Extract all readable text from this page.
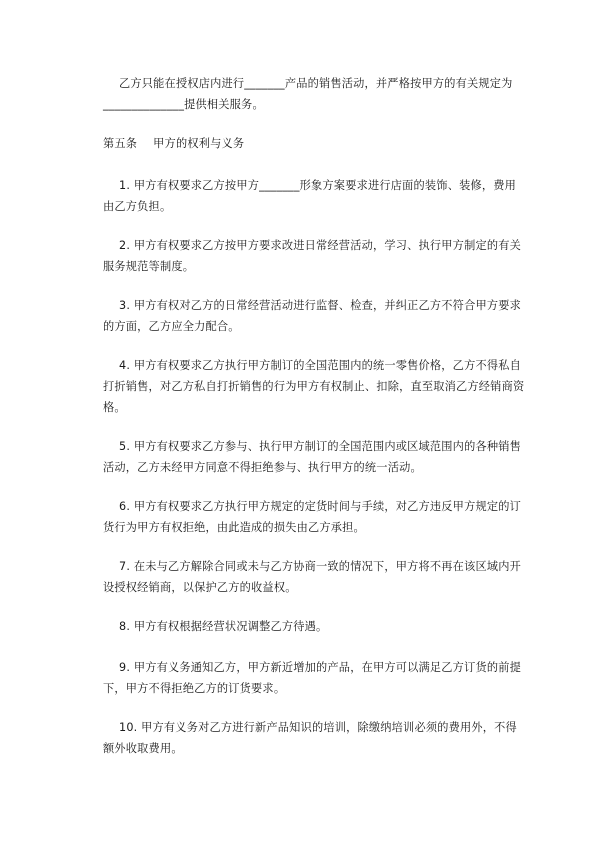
乙方只能在授权店内进行_______产品的销售活动，并严格按甲方的有关规定为
______________提供相关服务。
第五条 甲方的权利与义务
1. 甲方有权要求乙方按甲方_______形象方案要求进行店面的装饰、装修，费用
由乙方负担。
2. 甲方有权要求乙方按甲方要求改进日常经营活动，学习、执行甲方制定的有关
服务规范等制度。
3. 甲方有权对乙方的日常经营活动进行监督、检查，并纠正乙方不符合甲方要求
的方面，乙方应全力配合。
4. 甲方有权要求乙方执行甲方制订的全国范围内的统一零售价格，乙方不得私自
打折销售，对乙方私自打折销售的行为甲方有权制止、扣除，直至取消乙方经销商资
格。
5. 甲方有权要求乙方参与、执行甲方制订的全国范围内或区域范围内的各种销售
活动，乙方未经甲方同意不得拒绝参与、执行甲方的统一活动。
6. 甲方有权要求乙方执行甲方规定的定货时间与手续，对乙方违反甲方规定的订
货行为甲方有权拒绝，由此造成的损失由乙方承担。
7. 在未与乙方解除合同或未与乙方协商一致的情况下，甲方将不再在该区域内开
设授权经销商，以保护乙方的收益权。
8. 甲方有权根据经营状况调整乙方待遇。
9. 甲方有义务通知乙方，甲方新近增加的产品，在甲方可以满足乙方订货的前提
下，甲方不得拒绝乙方的订货要求。
10. 甲方有义务对乙方进行新产品知识的培训，除缴纳培训必须的费用外，不得
额外收取费用。
